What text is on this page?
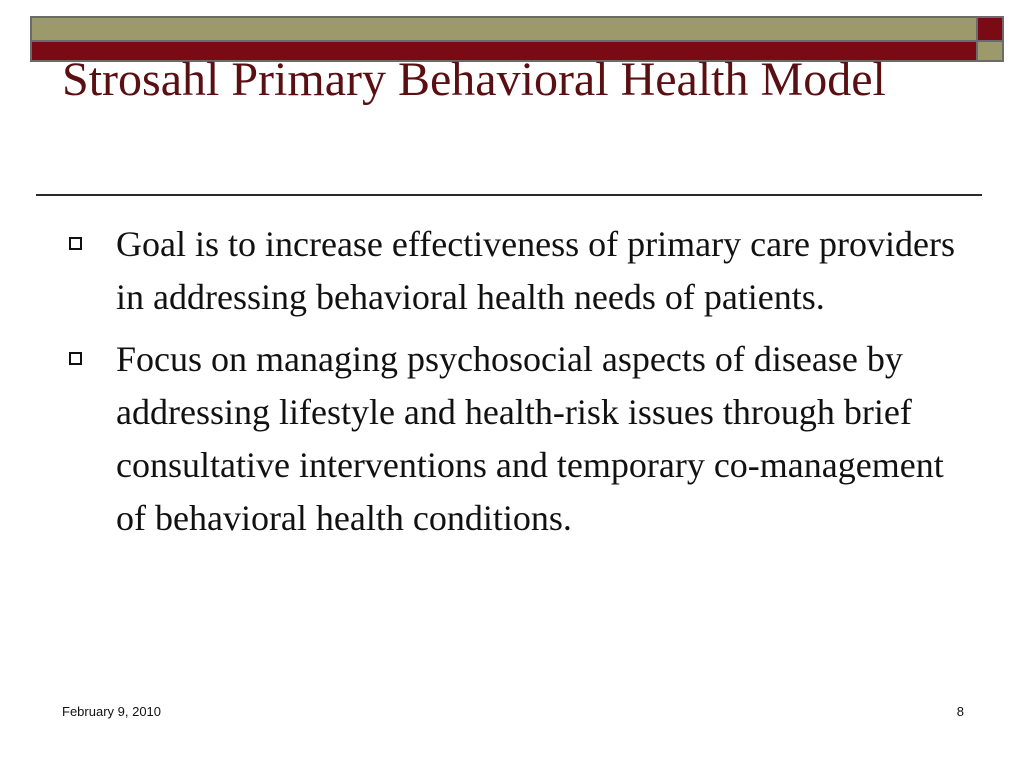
Strosahl Primary Behavioral Health Model
Goal is to increase effectiveness of primary care providers in addressing behavioral health needs of patients.
Focus on managing psychosocial aspects of disease by addressing lifestyle and health-risk issues through brief consultative interventions and temporary co-management of behavioral health conditions.
February 9, 2010	8
